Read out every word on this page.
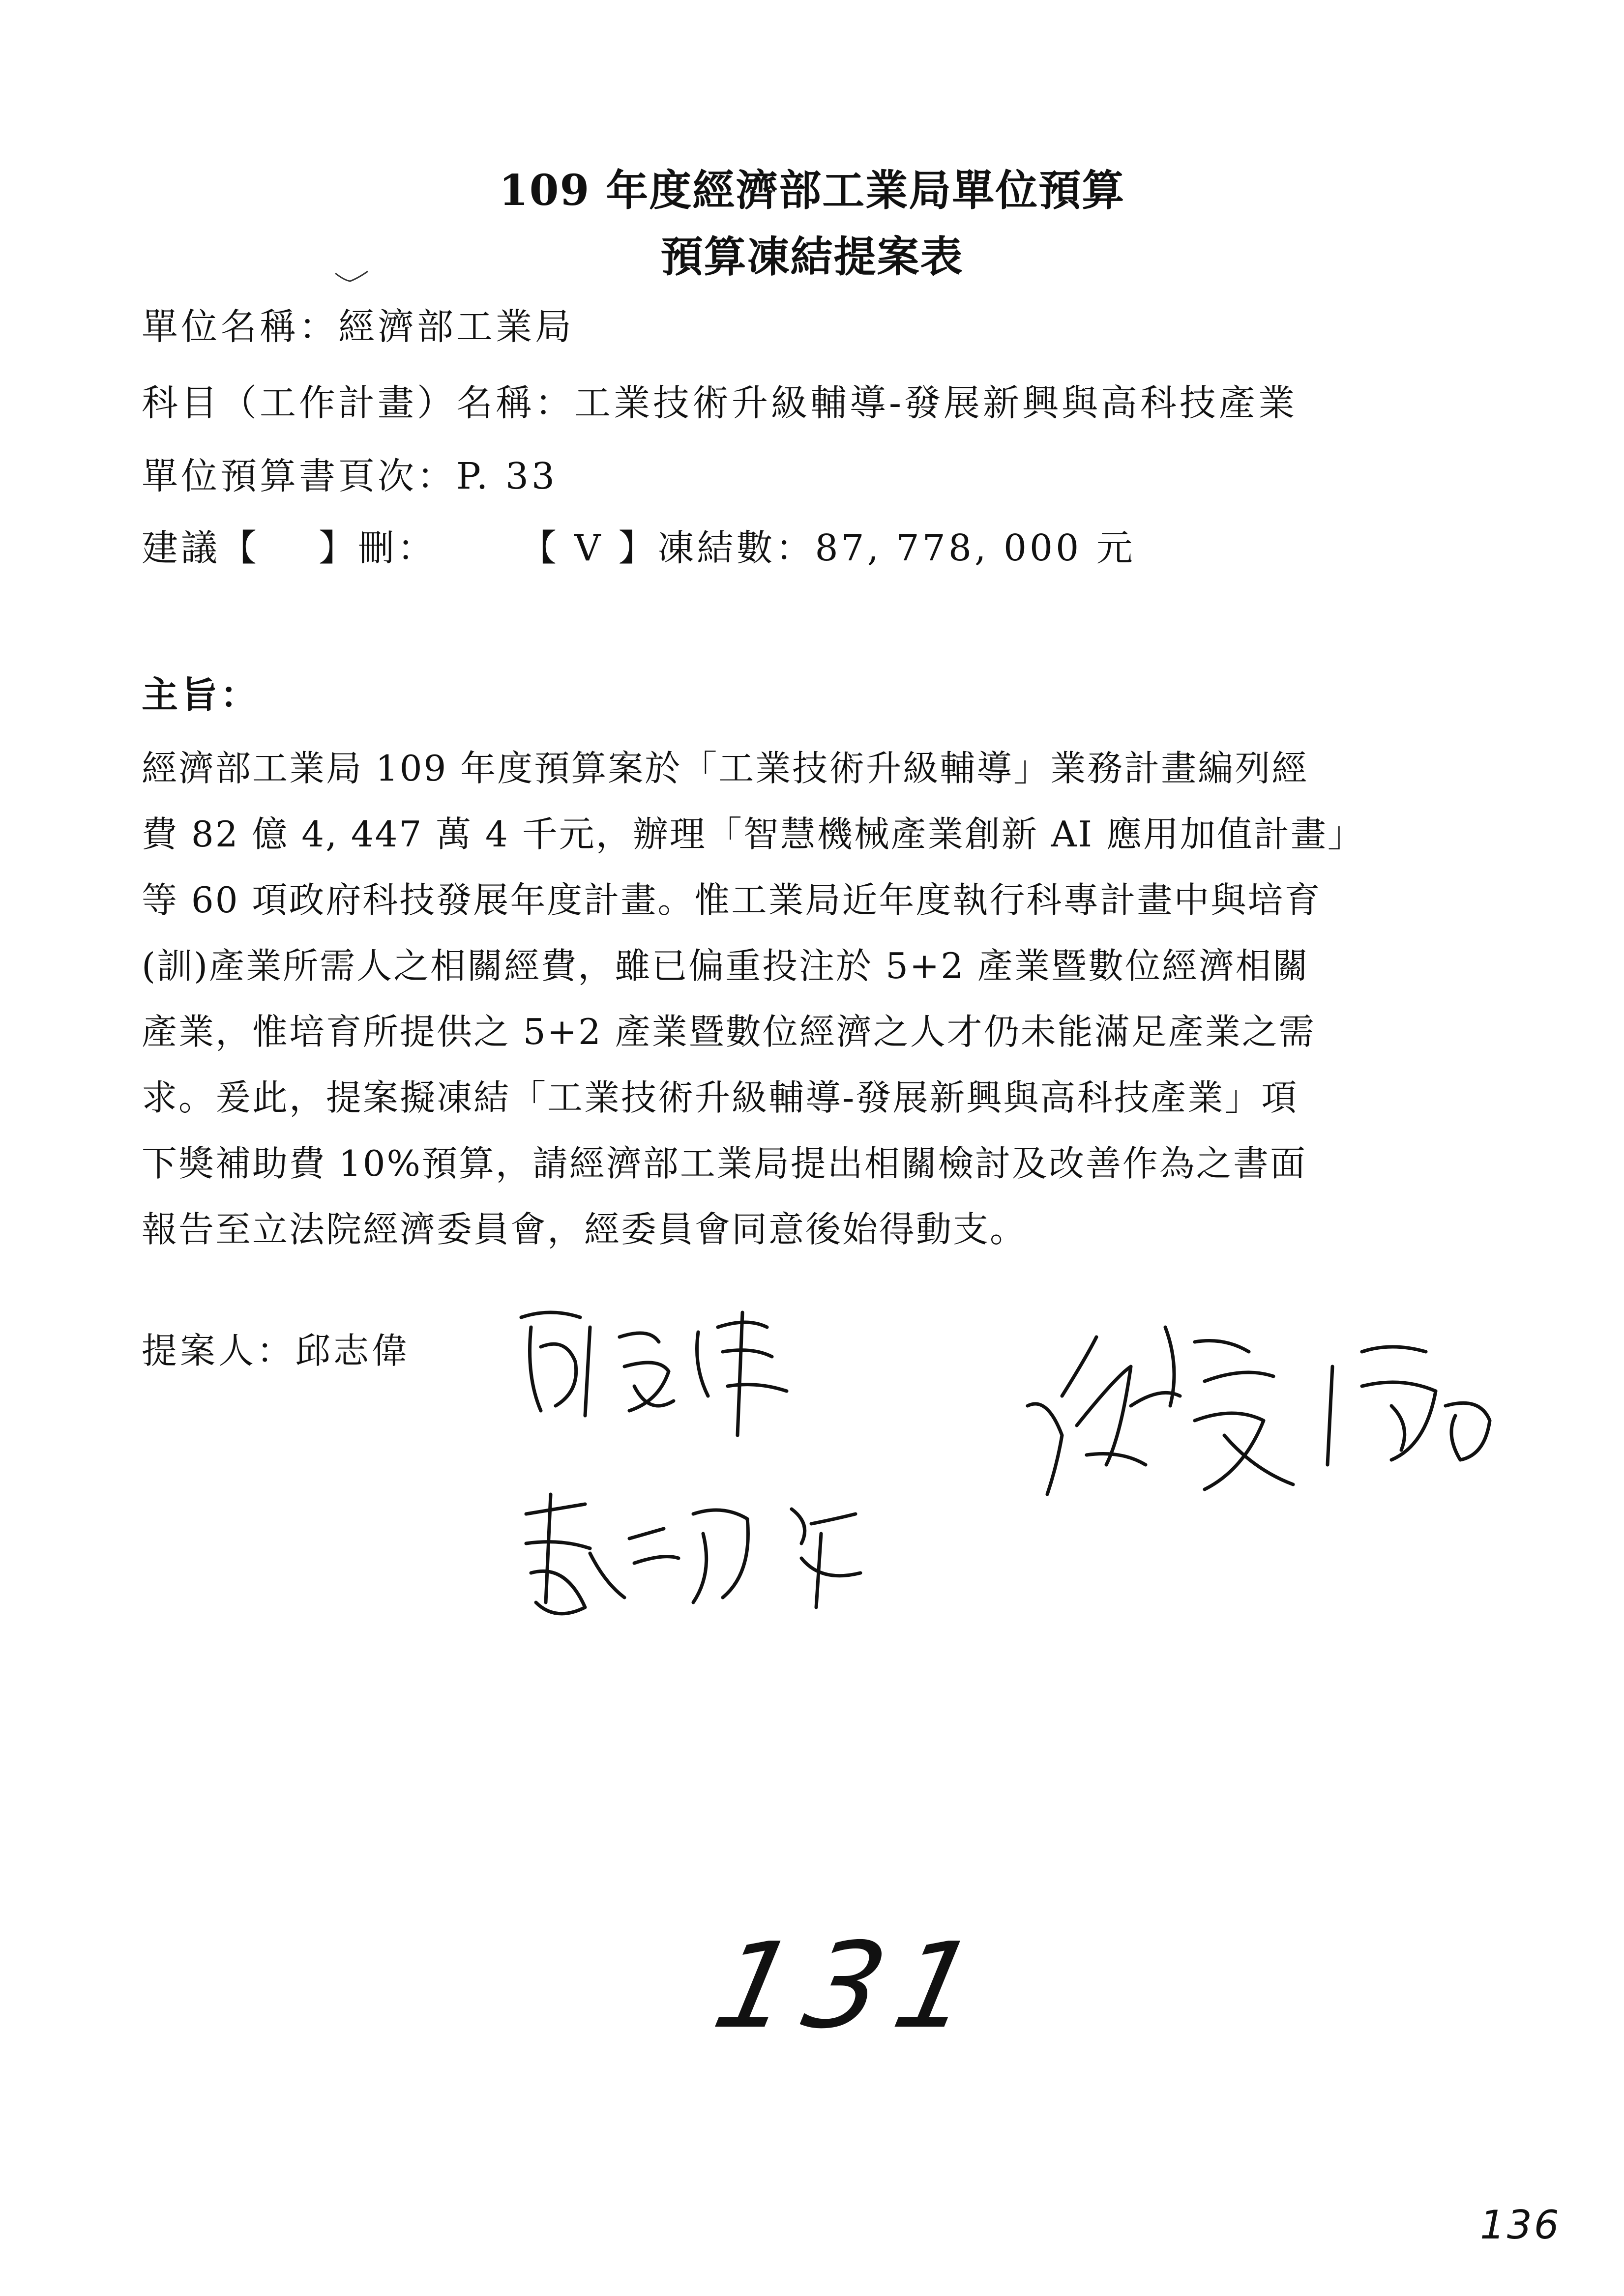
109 年度經濟部工業局單位預算
預算凍結提案表
單位名稱：經濟部工業局
科目（工作計畫）名稱：工業技術升級輔導-發展新興與高科技產業
單位預算書頁次：P. 33
建議【 】刪： 【 V 】凍結數：87, 778, 000 元
主旨：
經濟部工業局 109 年度預算案於「工業技術升級輔導」業務計畫編列經
費 82 億 4, 447 萬 4 千元，辦理「智慧機械產業創新 AI 應用加值計畫」
等 60 項政府科技發展年度計畫。惟工業局近年度執行科專計畫中與培育
(訓)產業所需人之相關經費，雖已偏重投注於 5+2 產業暨數位經濟相關
產業，惟培育所提供之 5+2 產業暨數位經濟之人才仍未能滿足產業之需
求。爰此，提案擬凍結「工業技術升級輔導-發展新興與高科技產業」項
下獎補助費 10%預算，請經濟部工業局提出相關檢討及改善作為之書面
報告至立法院經濟委員會，經委員會同意後始得動支。
提案人：邱志偉
131
136
